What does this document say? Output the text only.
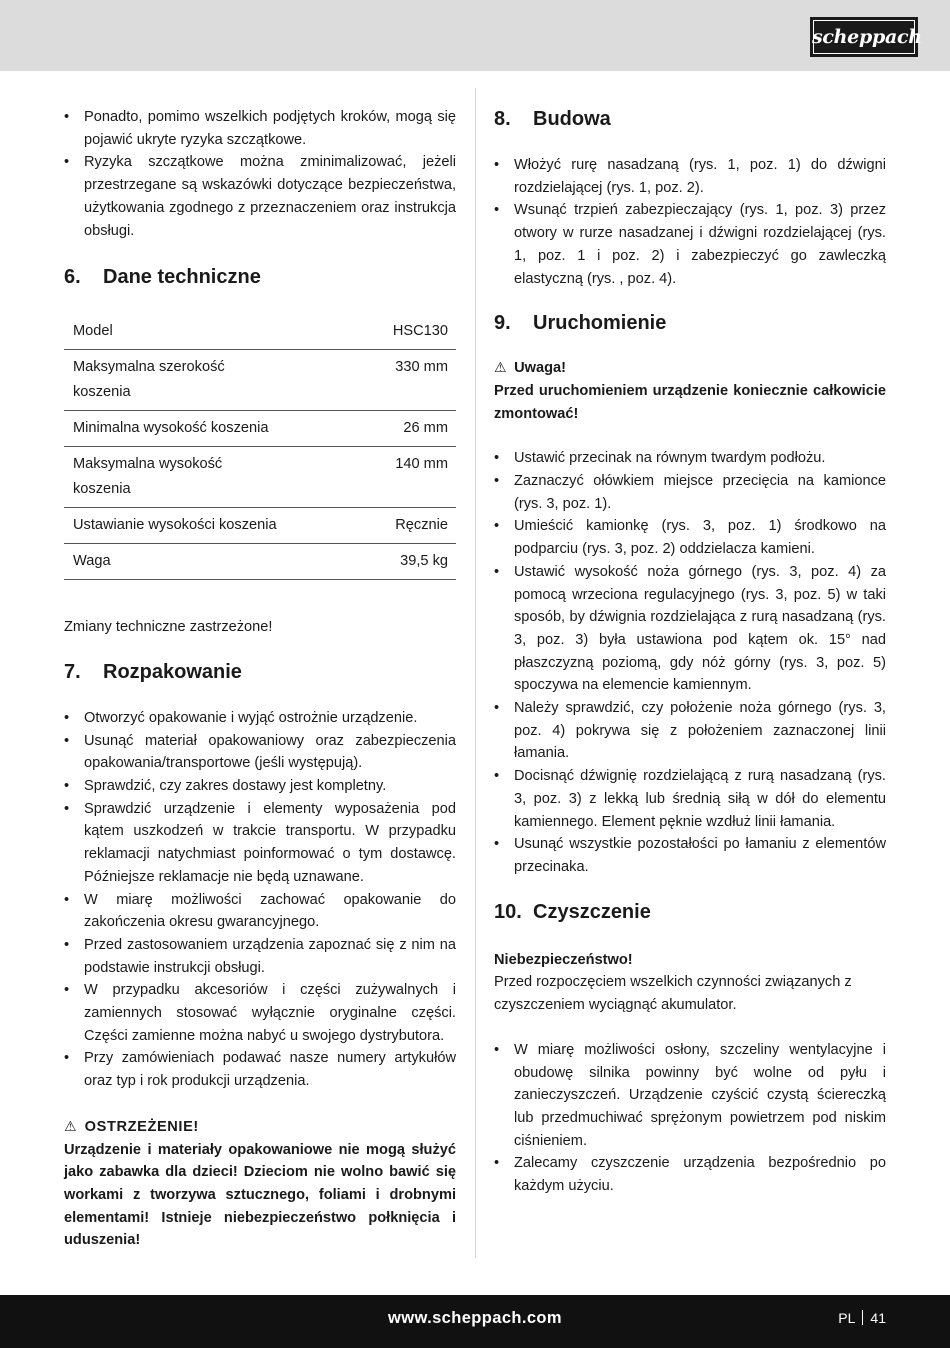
scheppach
• Ponadto, pomimo wszelkich podjętych kroków, mogą się pojawić ukryte ryzyka szczątkowe.
• Ryzyka szczątkowe można zminimalizować, jeżeli przestrzegane są wskazówki dotyczące bezpieczeństwa, użytkowania zgodnego z przeznaczeniem oraz instrukcja obsługi.
6.	Dane techniczne
Model	HSC130
Maksymalna szerokość koszenia	330 mm
Minimalna wysokość koszenia	26 mm
Maksymalna wysokość koszenia	140 mm
Ustawianie wysokości koszenia	Ręcznie
Waga	39,5 kg

Zmiany techniczne zastrzeżone!

7.	Rozpakowanie
• Otworzyć opakowanie i wyjąć ostrożnie urządzenie.
• Usunąć materiał opakowaniowy oraz zabezpieczenia opakowania/transportowe (jeśli występują).
• Sprawdzić, czy zakres dostawy jest kompletny.
• Sprawdzić urządzenie i elementy wyposażenia pod kątem uszkodzeń w trakcie transportu. W przypadku reklamacji natychmiast poinformować o tym dostawcę. Późniejsze reklamacje nie będą uznawane.
• W miarę możliwości zachować opakowanie do zakończenia okresu gwarancyjnego.
• Przed zastosowaniem urządzenia zapoznać się z nim na podstawie instrukcji obsługi.
• W przypadku akcesoriów i części zużywalnych i zamiennych stosować wyłącznie oryginalne części. Części zamienne można nabyć u swojego dystrybutora.
• Przy zamówieniach podawać nasze numery artykułów oraz typ i rok produkcji urządzenia.

⚠ OSTRZEŻENIE!

Urządzenie i materiały opakowaniowe nie mogą służyć jako zabawka dla dzieci! Dzieciom nie wolno bawić się workami z tworzywa sztucznego, foliami i drobnymi elementami! Istnieje niebezpieczeństwo połknięcia i uduszenia!

8.	Budowa
• Włożyć rurę nasadzaną (rys. 1, poz. 1) do dźwigni rozdzielającej (rys. 1, poz. 2).
• Wsunąć trzpień zabezpieczający (rys. 1, poz. 3) przez otwory w rurze nasadzanej i dźwigni rozdzielającej (rys. 1, poz. 1 i poz. 2) i zabezpieczyć go zawleczką elastyczną (rys. , poz. 4).
9.	Uruchomienie

⚠ Uwaga!

Przed uruchomieniem urządzenie koniecznie całkowicie zmontować!

• Ustawić przecinak na równym twardym podłożu.
• Zaznaczyć ołówkiem miejsce przecięcia na kamionce (rys. 3, poz. 1).
• Umieścić kamionkę (rys. 3, poz. 1) środkowo na podparciu (rys. 3, poz. 2) oddzielacza kamieni.
• Ustawić wysokość noża górnego (rys. 3, poz. 4) za pomocą wrzeciona regulacyjnego (rys. 3, poz. 5) w taki sposób, by dźwignia rozdzielająca z rurą nasadzaną (rys. 3, poz. 3) była ustawiona pod kątem ok. 15° nad płaszczyzną poziomą, gdy nóż górny (rys. 3, poz. 5) spoczywa na elemencie kamiennym.
• Należy sprawdzić, czy położenie noża górnego (rys. 3, poz. 4) pokrywa się z położeniem zaznaczonej linii łamania.
• Docisnąć dźwignię rozdzielającą z rurą nasadzaną (rys. 3, poz. 3) z lekką lub średnią siłą w dół do elementu kamiennego. Element pęknie wzdłuż linii łamania.
• Usunąć wszystkie pozostałości po łamaniu z elementów przecinaka.
10. Czyszczenie

Niebezpieczeństwo!

Przed rozpoczęciem wszelkich czynności związanych z czyszczeniem wyciągnąć akumulator.

• W miarę możliwości osłony, szczeliny wentylacyjne i obudowę silnika powinny być wolne od pyłu i zanieczyszczeń. Urządzenie czyścić czystą ściereczką lub przedmuchiwać sprężonym powietrzem pod niskim ciśnieniem.
• Zalecamy czyszczenie urządzenia bezpośrednio po każdym użyciu.
www.scheppach.com	PL 41
